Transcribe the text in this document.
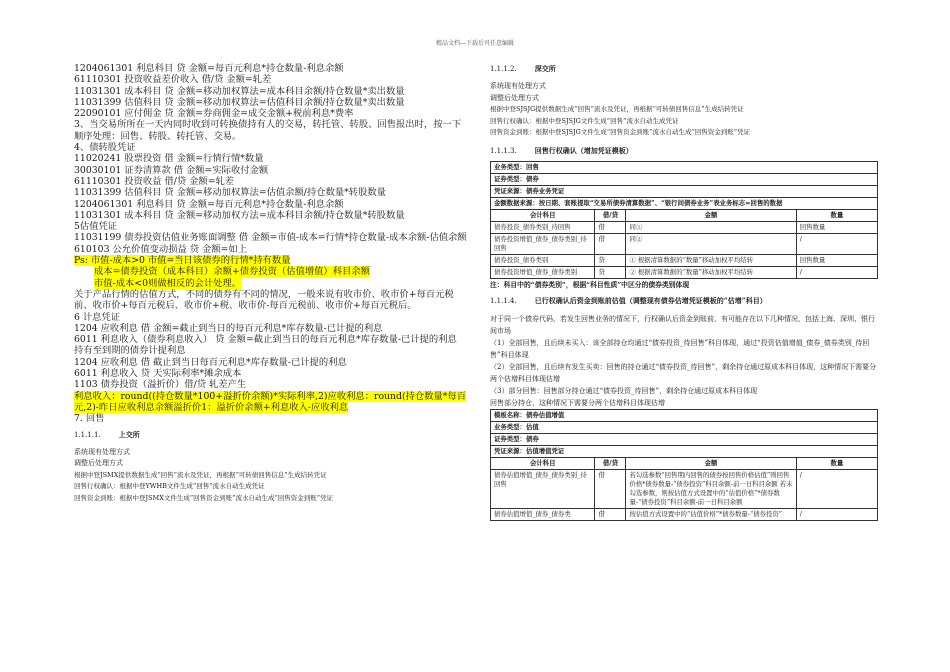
精品文档---下载后可任意编辑
1204061301 利息科目 贷 金额=每百元利息*持仓数量-利息余额
61110301 投资收益差价收入 借/贷 金额=轧差
11031301 成本科目 贷 金额=移动加权算法=成本科目余额/持仓数量*卖出数量
11031399 估值科目 贷 金额=移动加权算法=估值科目余额/持仓数量*卖出数量
22090101 应付佣金 贷 金额=券商佣金=成交金额+税前利息*费率
3、当交易所所在一天内同时收到可转换债持有人的交易，转托管、转股、回售报出时，按一下顺序处理：回售、转股、转托管、交易。
4、债转股凭证
11020241 股票投资 借 金额=行情行情*数量
30030101 证券清算款 借 金额=实际收付金额
61110301 投资收益 借/贷 金额=轧差
11031399 估值科目 贷 金额=移动加权算法=估值余额/持仓数量*转股数量
1204061301 利息科目 贷 金额=每百元利息*持仓数量-利息余额
11031301 成本科目 贷 金额=移动加权方法=成本科目余额/持仓数量*转股数量
5估值凭证
11031199 债券投资估值业务账面调整 借 金额=市值-成本=行情*持仓数量-成本余额-估值余额
610103 公允价值变动损益 贷 金额=如上
Ps: 市值-成本>0 市值=当日该债券的行情*持有数量
成本=债券投资（成本科目）余额+债券投资（估值增值）科目余额
市值-成本<0则做相反的会计处理。
关于产品行情的估值方式，不同的债券有不同的情况，一般来说有收市价、收市价+每百元税前、收市价+每百元税后、收市价+税、收市价-每百元税前、收市价+每百元税后。
6 计息凭证
1204 应收利息 借 金额=截止到当日的每百元利息*库存数量-已计提的利息
6011 利息收入（债券利息收入） 贷 金额=截止到当日的每百元利息*库存数量-已计提的利息
持有至到期的债券计提利息
1204 应收利息 借 截止到当日每百元利息*库存数量-已计提的利息
6011 利息收入 贷 天实际利率*摊余成本
1103 债券投资（溢折价）借/贷 轧差产生
利息收入：round((持仓数量*100+溢折价余额)*实际利率,2)应收利息：round(持仓数量*每百元,2)-昨日应收利息余额溢折价1：溢折价余额+利息收入-应收利息
7. 回售
1.1.1.1.	上交所
系统现有处理方式
调整后处理方式
根据中登JSMX提供数据生成“回售”流水及凭证，再根据“可转债回售信息”生成结转凭证
回售行权确认：根据中登YWHB文件生成“回售”流水自动生成凭证
回售资金到账：根据中登JSMX文件生成“回售资金到账”流水自动生成“回售资金到账”凭证
1.1.1.2.	深交所
系统现有处理方式
调整后处理方式
根据中登SJSJG提供数据生成“回售”流水及凭证，再根据“可转债回售信息”生成结转凭证
回售行权确认：根据中登SJSJG文件生成“回售”流水自动生成凭证
回售资金到账：根据中登SJSJG文件生成“回售资金到账”流水自动生成“回售资金到账”凭证
1.1.1.3.	回售行权确认（增加凭证模板）
业务类型：回售			
证券类型：债券			
凭证来源：债券业务凭证			
金额数据来源：按日期、套账提取“交易所债券清算数据”、“银行间债券业务”表业务标志=回售的数据			
会计科目	借/贷	金额	数量
债券投资_债券类别_待回售	借	同①	回售数量
债券投资增值_债券_债券类别_待回售	借	同②	/
债券投资_债券类别	贷	① 根据清算数据的“数量”移动加权平均结转	回售数量
债券投资增值_债券_债券类别	贷	② 根据清算数据的“数量”移动加权平均结转	/
注：科目中的“债券类别”，根据“科目性质”中区分的债券类别体现
1.1.1.4.	已行权确认后资金到账前估值（调整现有债券估增凭证模板的“估增”科目）
对于同一个债券代码，若发生回售业务的情况下，行权确认后资金到账前，有可能存在以下几种情况，包括上海、深圳、银行间市场
（1）全部回售，且后续未买入：该全部持仓均通过“债券投资_待回售”科目体现，通过“投资估值增值_债券_债券类别_待回售”科目体现
（2）全部回售，且后续有发生买卖：回售的持仓通过“债券投资_待回售”，剩余持仓通过原成本科目体现，这种情况下需要分两个估增科目体现估增
（3）部分回售：回售部分持仓通过“债券投资_待回售”，剩余持仓通过原成本科目体现
回售部分持仓，这种情况下需要分两个估增科目体现估增
模板名称：债券估值增值			
业务类型：估值			
证券类型：债券			
凭证来源：估值增值凭证			
会计科目	借/贷	金额	数量
债券估值增值_债券_债券类别_待回售	借	若勾选参数“回售期内回售的债券按回售价格估值”则回售价格*债券数量-“债券投资”科目余额-前一日科目余额 若未勾选参数，则按估值方式设置中的“估值价格”*债券数量-“债券投资”科目余额-前一日科目余额	/
债券估值增值_债券_债券类	借	按估值方式设置中的“估值价格”*债券数量-“债券投资”	/
